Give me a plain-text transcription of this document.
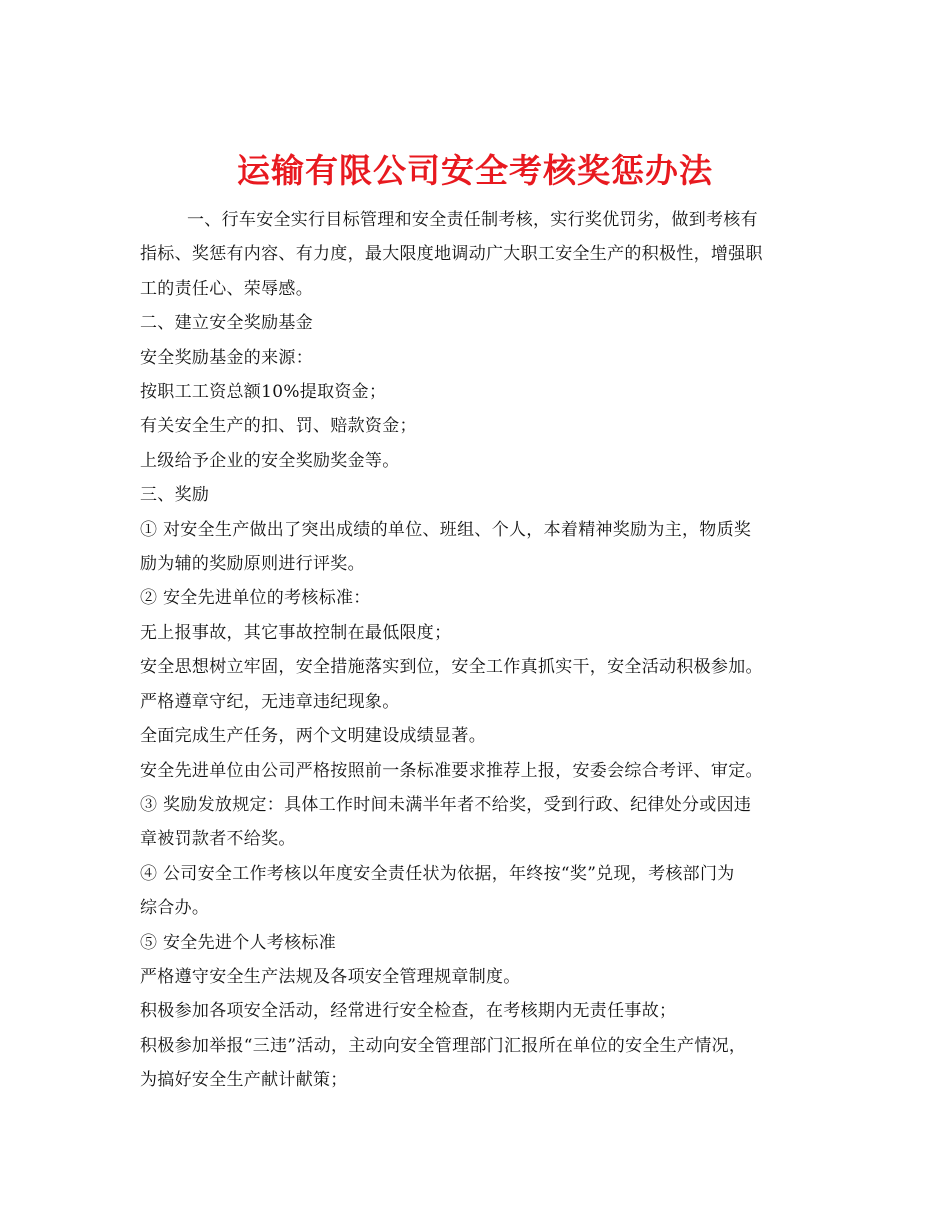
运输有限公司安全考核奖惩办法

一、行车安全实行目标管理和安全责任制考核，实行奖优罚劣，做到考核有

指标、奖惩有内容、有力度，最大限度地调动广大职工安全生产的积极性，增强职

工的责任心、荣辱感。

二、建立安全奖励基金

安全奖励基金的来源：

按职工工资总额10%提取资金；

有关安全生产的扣、罚、赔款资金；

上级给予企业的安全奖励奖金等。

三、奖励

① 对安全生产做出了突出成绩的单位、班组、个人，本着精神奖励为主，物质奖

励为辅的奖励原则进行评奖。

② 安全先进单位的考核标准：

无上报事故，其它事故控制在最低限度；

安全思想树立牢固，安全措施落实到位，安全工作真抓实干，安全活动积极参加。

严格遵章守纪，无违章违纪现象。

全面完成生产任务，两个文明建设成绩显著。

安全先进单位由公司严格按照前一条标准要求推荐上报，安委会综合考评、审定。

③ 奖励发放规定：具体工作时间未满半年者不给奖，受到行政、纪律处分或因违

章被罚款者不给奖。

④ 公司安全工作考核以年度安全责任状为依据，年终按“奖”兑现，考核部门为

综合办。

⑤ 安全先进个人考核标准

严格遵守安全生产法规及各项安全管理规章制度。

积极参加各项安全活动，经常进行安全检查，在考核期内无责任事故；

积极参加举报“三违”活动，主动向安全管理部门汇报所在单位的安全生产情况，

为搞好安全生产献计献策；
